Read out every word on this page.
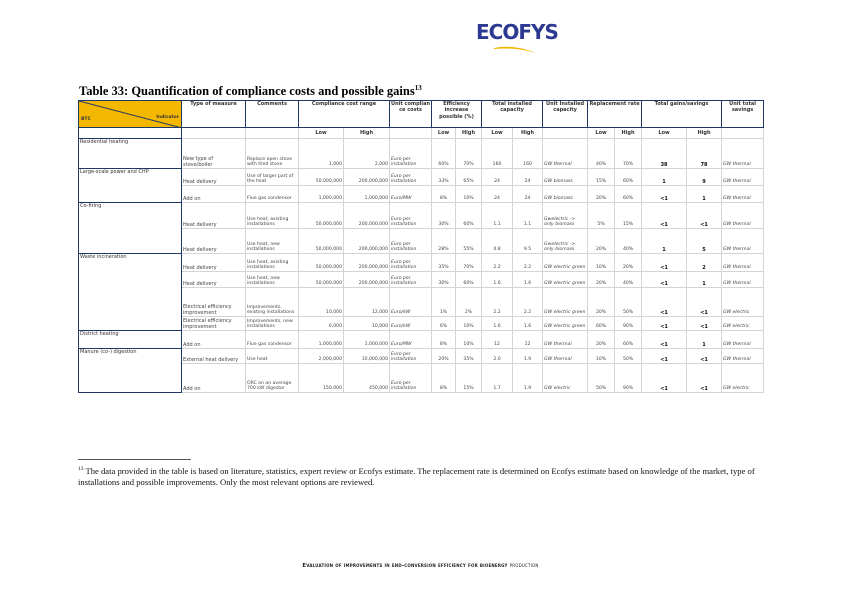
ECOFYS
Table 33: Quantification of compliance costs and possible gains$^{13}$
BTC Indicator	Type of measure	Comments	Compliance cost range		Unit complian ce costs	Efficiency increase possible (%)		Total installed capacity		Unit Installed capacity	Replacement rate		Total gains/savings		Unit total savings
			Low	High		Low	High	Low	High		Low	High	Low	High	
Residential heating	New type of stove/boiler	Replace open stove with tiled stove	1,000	2,000	Euro per installation	60%	70%	160	160	GW thermal	40%	70%	38	78	GW thermal
Large-scale power and CHP	Heat delivery	Use of larger part of the heat	50,000,000	200,000,000	Euro per installation	33%	65%	24	24	GW biomass	15%	60%	1	9	GW thermal
	Add on	Flue gas condensor	1,000,000	1,000,000	Euro/MW	8%	10%	24	24	GW biomass	20%	60%	<1	1	GW thermal
Co-firing	Heat delivery	Use heat, existing installations	50,000,000	200,000,000	Euro per installation	30%	60%	1.1	1.1	Gwelectric -> only biomass	5%	15%	<1	<1	GW thermal
	Heat delivery	Use heat, new installations	50,000,000	200,000,000	Euro per installation	28%	55%	4.8	9.5	Gwelectric -> only biomass	20%	40%	1	5	GW thermal
Waste incineration	Heat delivery	Use heat, existing installations	50,000,000	200,000,000	Euro per installation	35%	70%	2.2	2.2	GW electric green	10%	20%	<1	2	GW thermal
	Heat delivery	Use heat, new installations	50,000,000	200,000,000	Euro per installation	30%	60%	1.6	1.6	GW electric green	20%	40%	<1	1	GW thermal
	Electrical efficiency improvement	Improvements, existing installations	10,000	12,000	Euro/kW	1%	2%	2.2	2.2	GW electric green	20%	50%	<1	<1	GW electric
	Electrical efficiency improvement	Improvements, new installations	6,000	10,000	Euro/kW	6%	10%	1.6	1.6	GW electric green	60%	90%	<1	<1	GW electric
District heating	Add on	Flue gas condensor	1,000,000	1,000,000	Euro/MW	8%	10%	12	12	GW thermal	20%	60%	<1	1	GW thermal
Manure (co-) digestion	External heat delivery	Use heat	2,000,000	10,000,000	Euro per installation	20%	35%	2.0	1.9	GW thermal	10%	50%	<1	<1	GW thermal
	Add on	ORC on an average 700 kW digestor	150,000	450,000	Euro per installation	8%	15%	1.7	1.9	GW electric	50%	90%	<1	<1	GW electric
$^{13}$ The data provided in the table is based on literature, statistics, expert review or Ecofys estimate. The replacement rate is determined on Ecofys estimate based on knowledge of the market, type of installations and possible improvements. Only the most relevant options are reviewed.
Evaluation of improvements in end-conversion efficiency for bioenergy production
